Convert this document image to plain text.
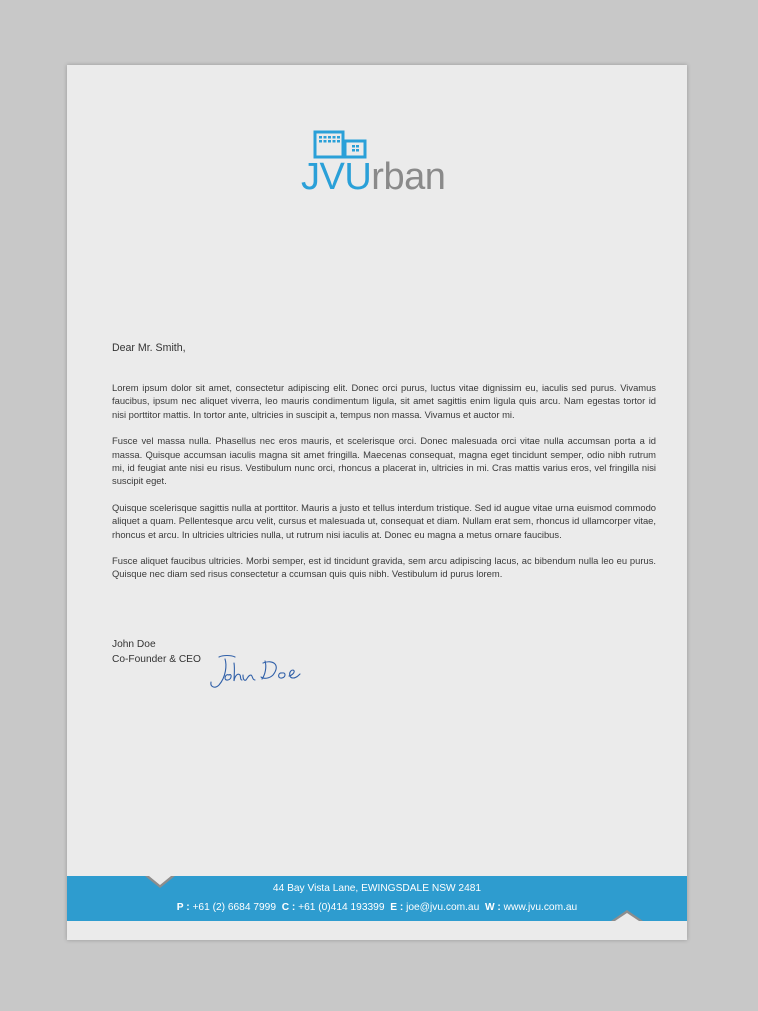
JVUrban
Dear Mr. Smith,

Lorem ipsum dolor sit amet, consectetur adipiscing elit. Donec orci purus, luctus vitae dignissim eu, iaculis sed purus. Vivamus faucibus, ipsum nec aliquet viverra, leo mauris condimentum ligula, sit amet sagittis enim ligula quis arcu. Nam egestas tortor id nisi porttitor mattis. In tortor ante, ultricies in suscipit a, tempus non massa. Vivamus et auctor mi.

Fusce vel massa nulla. Phasellus nec eros mauris, et scelerisque orci. Donec malesuada orci vitae nulla accumsan porta a id massa. Quisque accumsan iaculis magna sit amet fringilla. Maecenas consequat, magna eget tincidunt semper, odio nibh rutrum mi, id feugiat ante nisi eu risus. Vestibulum nunc orci, rhoncus a placerat in, ultricies in mi. Cras mattis varius eros, vel fringilla nisi suscipit eget.

Quisque scelerisque sagittis nulla at porttitor. Mauris a justo et tellus interdum tristique. Sed id augue vitae urna euismod commodo aliquet a quam. Pellentesque arcu velit, cursus et malesuada ut, consequat et diam. Nullam erat sem, rhoncus id ullamcorper vitae, rhoncus et arcu. In ultricies ultricies nulla, ut rutrum nisi iaculis at. Donec eu magna a metus ornare faucibus.

Fusce aliquet faucibus ultricies. Morbi semper, est id tincidunt gravida, sem arcu adipiscing lacus, ac bibendum nulla leo eu purus. Quisque nec diam sed risus consectetur a ccumsan quis quis nibh. Vestibulum id purus lorem.

John Doe
Co-Founder & CEO
44 Bay Vista Lane, EWINGSDALE NSW 2481
P : +61 (2) 6684 7999 C : +61 (0)414 193399 E : joe@jvu.com.au W : www.jvu.com.au
